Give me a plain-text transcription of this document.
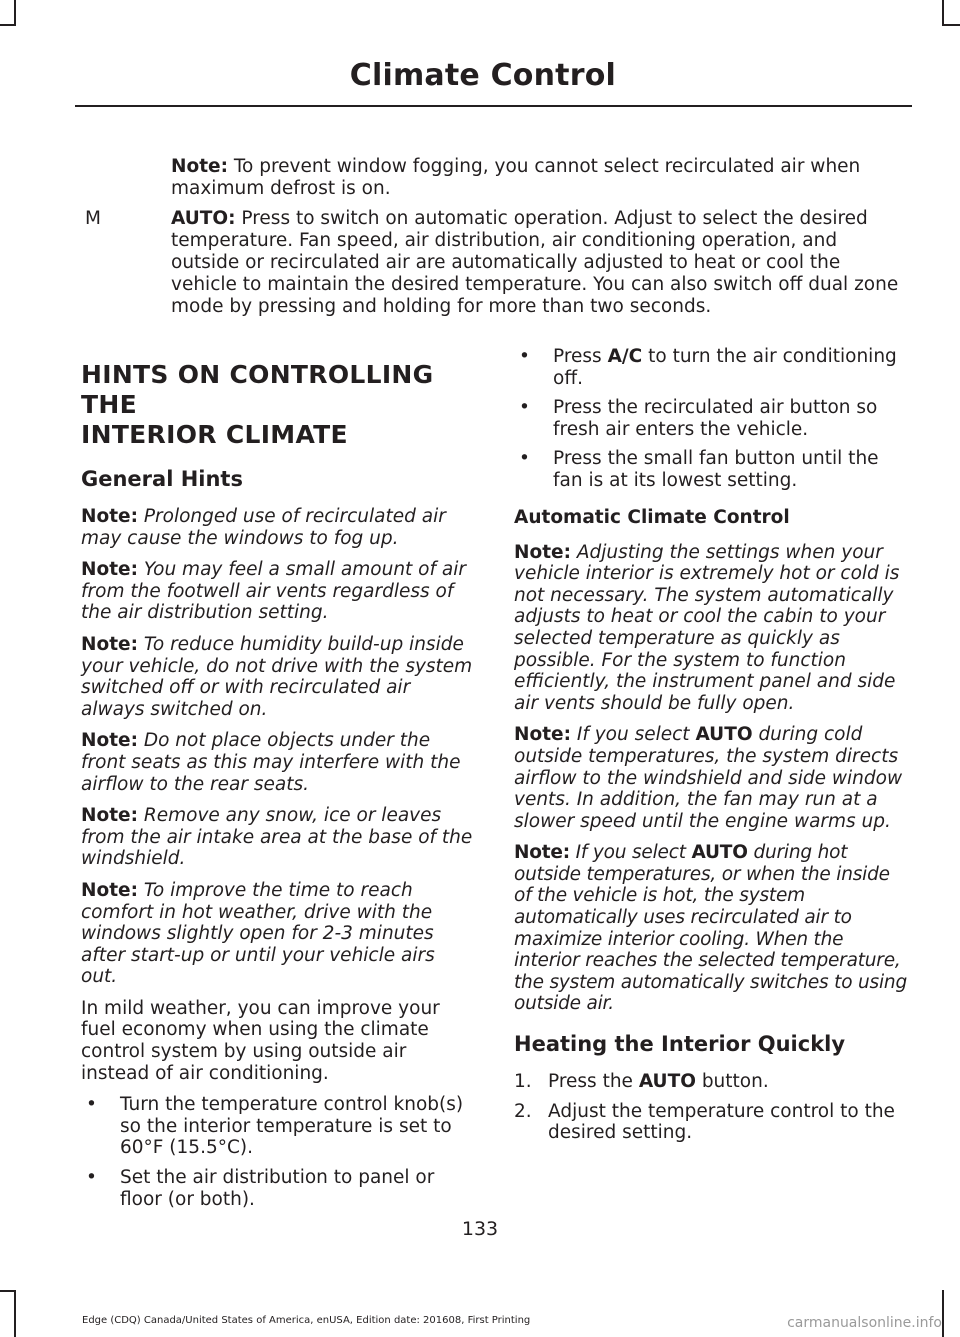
Climate Control

Note: To prevent window fogging, you cannot select recirculated air when maximum defrost is on.

M	AUTO: Press to switch on automatic operation. Adjust to select the desired temperature. Fan speed, air distribution, air conditioning operation, and outside or recirculated air are automatically adjusted to heat or cool the vehicle to maintain the desired temperature. You can also switch off dual zone mode by pressing and holding for more than two seconds.

HINTS ON CONTROLLING THE
INTERIOR CLIMATE
General Hints

Note: Prolonged use of recirculated air may cause the windows to fog up.

Note: You may feel a small amount of air from the footwell air vents regardless of the air distribution setting.

Note: To reduce humidity build-up inside your vehicle, do not drive with the system switched off or with recirculated air always switched on.

Note: Do not place objects under the front seats as this may interfere with the airflow to the rear seats.

Note: Remove any snow, ice or leaves from the air intake area at the base of the windshield.

Note: To improve the time to reach comfort in hot weather, drive with the windows slightly open for 2-3 minutes after start-up or until your vehicle airs out.

In mild weather, you can improve your fuel economy when using the climate control system by using outside air instead of air conditioning.

•	Turn the temperature control knob(s) so the interior temperature is set to 60°F (15.5°C).
•	Set the air distribution to panel or floor (or both).
•	Press A/C to turn the air conditioning off.
•	Press the recirculated air button so fresh air enters the vehicle.
•	Press the small fan button until the fan is at its lowest setting.
Automatic Climate Control

Note: Adjusting the settings when your vehicle interior is extremely hot or cold is not necessary. The system automatically adjusts to heat or cool the cabin to your selected temperature as quickly as possible. For the system to function efficiently, the instrument panel and side air vents should be fully open.

Note: If you select AUTO during cold outside temperatures, the system directs airflow to the windshield and side window vents. In addition, the fan may run at a slower speed until the engine warms up.

Note: If you select AUTO during hot outside temperatures, or when the inside of the vehicle is hot, the system automatically uses recirculated air to maximize interior cooling. When the interior reaches the selected temperature, the system automatically switches to using outside air.

Heating the Interior Quickly
1. Press the AUTO button.
2. Adjust the temperature control to the desired setting.
133
Edge (CDQ) Canada/United States of America, enUSA, Edition date: 201608, First Printing	carmanualsonline.info
